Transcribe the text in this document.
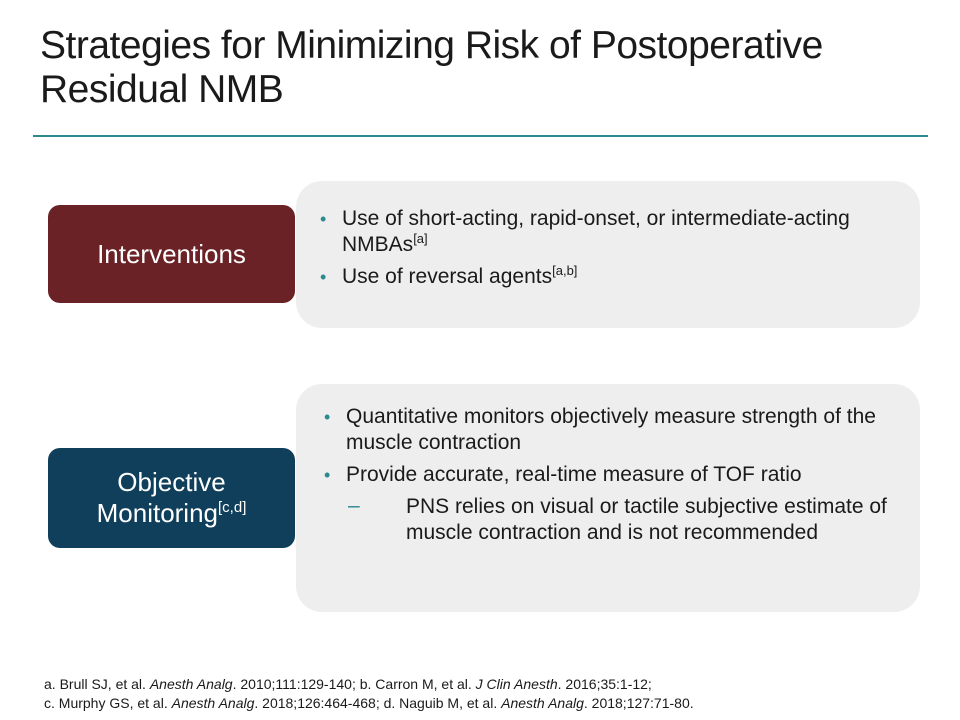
Strategies for Minimizing Risk of Postoperative
Residual NMB
Interventions
• Use of short-acting, rapid-onset, or intermediate-acting NMBAs[a]
• Use of reversal agents[a,b]
Objective
Monitoring[c,d]
• Quantitative monitors objectively measure strength of the muscle contraction
• Provide accurate, real-time measure of TOF ratio
– PNS relies on visual or tactile subjective estimate of muscle contraction and is not recommended
a. Brull SJ, et al. Anesth Analg. 2010;111:129-140; b. Carron M, et al. J Clin Anesth. 2016;35:1-12;
c. Murphy GS, et al. Anesth Analg. 2018;126:464-468; d. Naguib M, et al. Anesth Analg. 2018;127:71-80.
